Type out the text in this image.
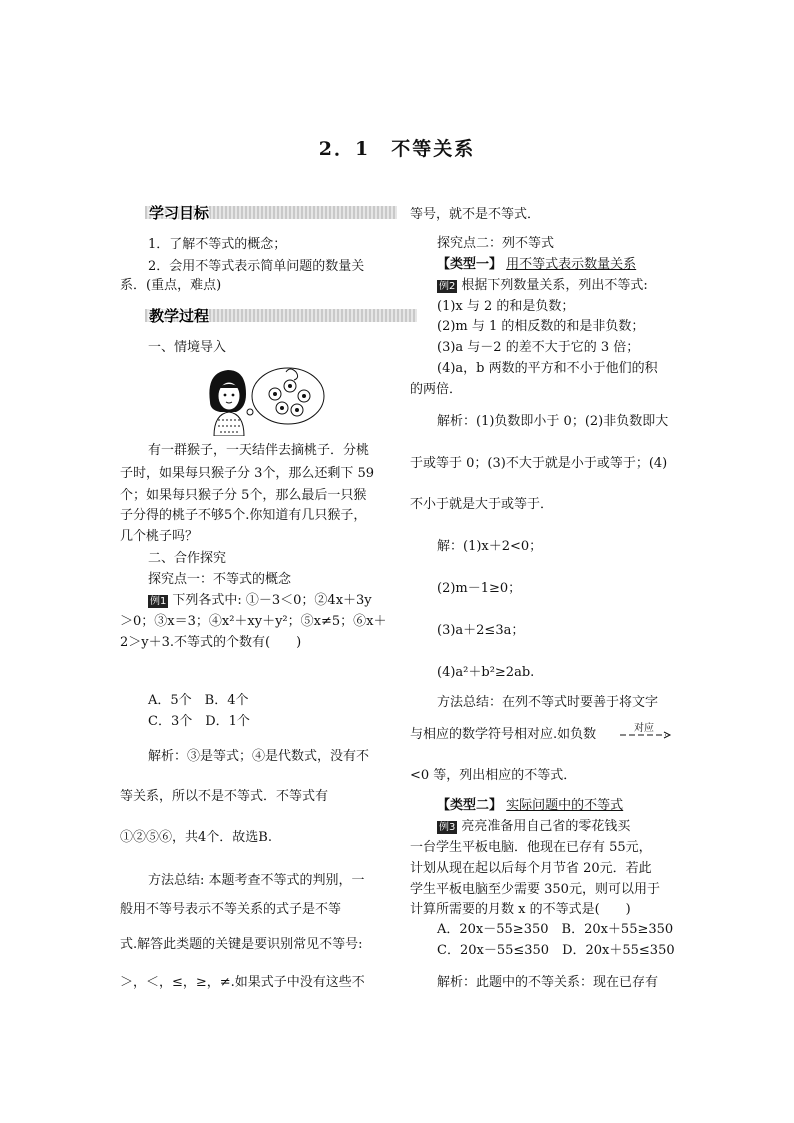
2．1　不等关系
学习目标
1．了解不等式的概念；
2．会用不等式表示简单问题的数量关
系．(重点，难点)
教学过程
一、情境导入
有一群猴子，一天结伴去摘桃子．分桃
子时，如果每只猴子分 3个，那么还剩下 59
个；如果每只猴子分 5个，那么最后一只猴
子分得的桃子不够5个.你知道有几只猴子，
几个桃子吗？
二、合作探究
探究点一：不等式的概念
例1 下列各式中: ①－3＜0；②4x＋3y
＞0；③x＝3；④x²＋xy＋y²；⑤x≠5；⑥x＋
2＞y＋3.不等式的个数有(　　)
A．5个　B．4个
C．3个　D．1个
解析：③是等式；④是代数式，没有不
等关系，所以不是不等式．不等式有
①②⑤⑥，共4个．故选B.
方法总结: 本题考查不等式的判别，一
般用不等号表示不等关系的式子是不等
式.解答此类题的关键是要识别常见不等号:
＞，＜，≤，≥，≠.如果式子中没有这些不
等号，就不是不等式．
探究点二：列不等式
【类型一】 用不等式表示数量关系
例2 根据下列数量关系，列出不等式:
(1)x 与 2 的和是负数；
(2)m 与 1 的相反数的和是非负数；
(3)a 与－2 的差不大于它的 3 倍；
(4)a，b 两数的平方和不小于他们的积
的两倍．
解析：(1)负数即小于 0；(2)非负数即大
于或等于 0；(3)不大于就是小于或等于；(4)
不小于就是大于或等于．
解：(1)x＋2<0；
(2)m－1≥0；
(3)a＋2≤3a；
(4)a²＋b²≥2ab.
方法总结：在列不等式时要善于将文字
与相应的数学符号相对应.如负数	对应
<0 等，列出相应的不等式．
【类型二】 实际问题中的不等式
例3 亮亮准备用自己省的零花钱买
一台学生平板电脑．他现在已存有 55元，
计划从现在起以后每个月节省 20元．若此
学生平板电脑至少需要 350元，则可以用于
计算所需要的月数 x 的不等式是(　　)
A．20x－55≥350　B．20x＋55≥350
C．20x－55≤350　D．20x＋55≤350
解析：此题中的不等关系：现在已存有
